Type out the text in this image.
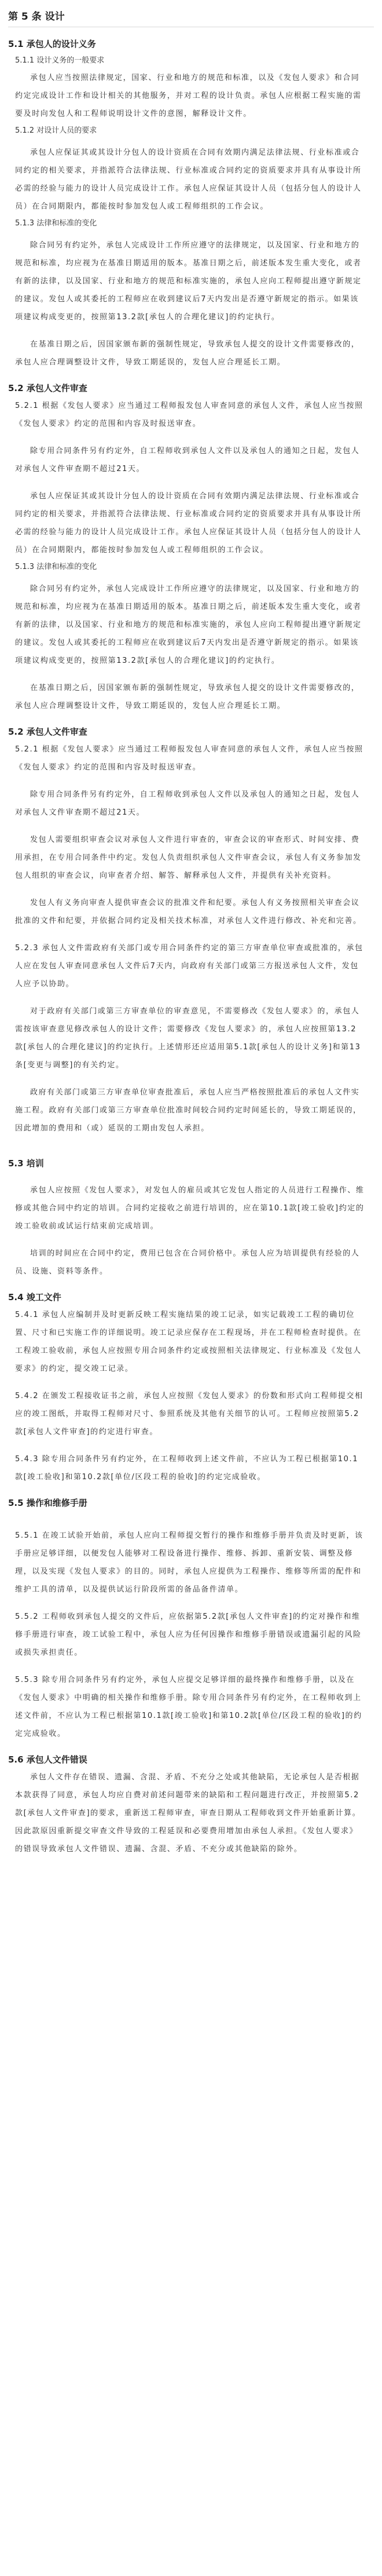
第 5 条 设计
5.1 承包人的设计义务
5.1.1 设计义务的一般要求

承包人应当按照法律规定，国家、行业和地方的规范和标准，以及《发包人要求》和合同约定完成设计工作和设计相关的其他服务，并对工程的设计负责。承包人应根据工程实施的需要及时向发包人和工程师说明设计文件的意图，解释设计文件。

5.1.2 对设计人员的要求

承包人应保证其或其设计分包人的设计资质在合同有效期内满足法律法规、行业标准或合同约定的相关要求，并指派符合法律法规、行业标准或合同约定的资质要求并具有从事设计所必需的经验与能力的设计人员完成设计工作。承包人应保证其设计人员（包括分包人的设计人员）在合同期限内，都能按时参加发包人或工程师组织的工作会议。

5.1.3 法律和标准的变化

除合同另有约定外，承包人完成设计工作所应遵守的法律规定，以及国家、行业和地方的规范和标准，均应视为在基准日期适用的版本。基准日期之后，前述版本发生重大变化，或者有新的法律，以及国家、行业和地方的规范和标准实施的，承包人应向工程师提出遵守新规定的建议。发包人或其委托的工程师应在收到建议后7天内发出是否遵守新规定的指示。如果该项建议构成变更的，按照第13.2款[承包人的合理化建议]的约定执行。

在基准日期之后，因国家颁布新的强制性规定，导致承包人提交的设计文件需要修改的，承包人应合理调整设计文件，导致工期延误的，发包人应合理延长工期。

5.2 承包人文件审查

5.2.1 根据《发包人要求》应当通过工程师报发包人审查同意的承包人文件，承包人应当按照《发包人要求》约定的范围和内容及时报送审查。

除专用合同条件另有约定外，自工程师收到承包人文件以及承包人的通知之日起，发包人对承包人文件审查期不超过21天。

承包人应保证其或其设计分包人的设计资质在合同有效期内满足法律法规、行业标准或合同约定的相关要求，并指派符合法律法规、行业标准或合同约定的资质要求并具有从事设计所必需的经验与能力的设计人员完成设计工作。承包人应保证其设计人员（包括分包人的设计人员）在合同期限内，都能按时参加发包人或工程师组织的工作会议。

5.1.3 法律和标准的变化

除合同另有约定外，承包人完成设计工作所应遵守的法律规定，以及国家、行业和地方的规范和标准，均应视为在基准日期适用的版本。基准日期之后，前述版本发生重大变化，或者有新的法律，以及国家、行业和地方的规范和标准实施的，承包人应向工程师提出遵守新规定的建议。发包人或其委托的工程师应在收到建议后7天内发出是否遵守新规定的指示。如果该项建议构成变更的，按照第13.2款[承包人的合理化建议]的约定执行。

在基准日期之后，因国家颁布新的强制性规定，导致承包人提交的设计文件需要修改的，承包人应合理调整设计文件，导致工期延误的，发包人应合理延长工期。

5.2 承包人文件审查

5.2.1 根据《发包人要求》应当通过工程师报发包人审查同意的承包人文件，承包人应当按照《发包人要求》约定的范围和内容及时报送审查。

除专用合同条件另有约定外，自工程师收到承包人文件以及承包人的通知之日起，发包人对承包人文件审查期不超过21天。

发包人需要组织审查会议对承包人文件进行审查的，审查会议的审查形式、时间安排、费用承担，在专用合同条件中约定。发包人负责组织承包人文件审查会议，承包人有义务参加发包人组织的审查会议，向审查者介绍、解答、解释承包人文件，并提供有关补充资料。

发包人有义务向审查人提供审查会议的批准文件和纪要。承包人有义务按照相关审查会议批准的文件和纪要，并依据合同约定及相关技术标准，对承包人文件进行修改、补充和完善。

5.2.3 承包人文件需政府有关部门或专用合同条件约定的第三方审查单位审查或批准的，承包人应在发包人审查同意承包人文件后7天内，向政府有关部门或第三方报送承包人文件，发包人应予以协助。

对于政府有关部门或第三方审查单位的审查意见，不需要修改《发包人要求》的，承包人需按该审查意见修改承包人的设计文件；需要修改《发包人要求》的，承包人应按照第13.2款[承包人的合理化建议]的约定执行。上述情形还应适用第5.1款[承包人的设计义务]和第13条[变更与调整]的有关约定。

政府有关部门或第三方审查单位审查批准后，承包人应当严格按照批准后的承包人文件实施工程。政府有关部门或第三方审查单位批准时间较合同约定时间延长的，导致工期延误的，因此增加的费用和（或）延误的工期由发包人承担。

5.3 培训

承包人应按照《发包人要求》，对发包人的雇员或其它发包人指定的人员进行工程操作、维修或其他合同中约定的培训。合同约定接收之前进行培训的，应在第10.1款[竣工验收]约定的竣工验收前或试运行结束前完成培训。

培训的时间应在合同中约定，费用已包含在合同价格中。承包人应为培训提供有经验的人员、设施、资料等条件。

5.4 竣工文件

5.4.1 承包人应编制并及时更新反映工程实施结果的竣工记录，如实记载竣工工程的确切位置、尺寸和已实施工作的详细说明。竣工记录应保存在工程现场，并在工程师检查时提供。在工程竣工验收前，承包人应按照专用合同条件约定或按照相关法律规定、行业标准及《发包人要求》的约定，提交竣工记录。

5.4.2 在颁发工程接收证书之前，承包人应按照《发包人要求》的份数和形式向工程师提交相应的竣工图纸，并取得工程师对尺寸、参照系统及其他有关细节的认可。工程师应按照第5.2款[承包人文件审查]的约定进行审查。

5.4.3 除专用合同条件另有约定外，在工程师收到上述文件前，不应认为工程已根据第10.1款[竣工验收]和第10.2款[单位/区段工程的验收]的约定完成验收。

5.5 操作和维修手册

5.5.1 在竣工试验开始前，承包人应向工程师提交暂行的操作和维修手册并负责及时更新，该手册应足够详细，以便发包人能够对工程设备进行操作、维修、拆卸、重新安装、调整及修理，以及实现《发包人要求》的目的。同时，承包人应提供为工程操作、维修等所需的配件和维护工具的清单，以及提供试运行阶段所需的备品备件清单。

5.5.2 工程师收到承包人提交的文件后，应依据第5.2款[承包人文件审查]的约定对操作和维修手册进行审查，竣工试验工程中，承包人应为任何因操作和维修手册错误或遗漏引起的风险或损失承担责任。

5.5.3 除专用合同条件另有约定外，承包人应提交足够详细的最终操作和维修手册，以及在《发包人要求》中明确的相关操作和维修手册。除专用合同条件另有约定外，在工程师收到上述文件前，不应认为工程已根据第10.1款[竣工验收]和第10.2款[单位/区段工程的验收]的约定完成验收。

5.6 承包人文件错误

承包人文件存在错误、遗漏、含混、矛盾、不充分之处或其他缺陷，无论承包人是否根据本款获得了同意，承包人均应自费对前述问题带来的缺陷和工程问题进行改正，并按照第5.2款[承包人文件审查]的要求，重新送工程师审查，审查日期从工程师收到文件开始重新计算。因此款原因重新提交审查文件导致的工程延误和必要费用增加由承包人承担。《发包人要求》的错误导致承包人文件错误、遗漏、含混、矛盾、不充分或其他缺陷的除外。
